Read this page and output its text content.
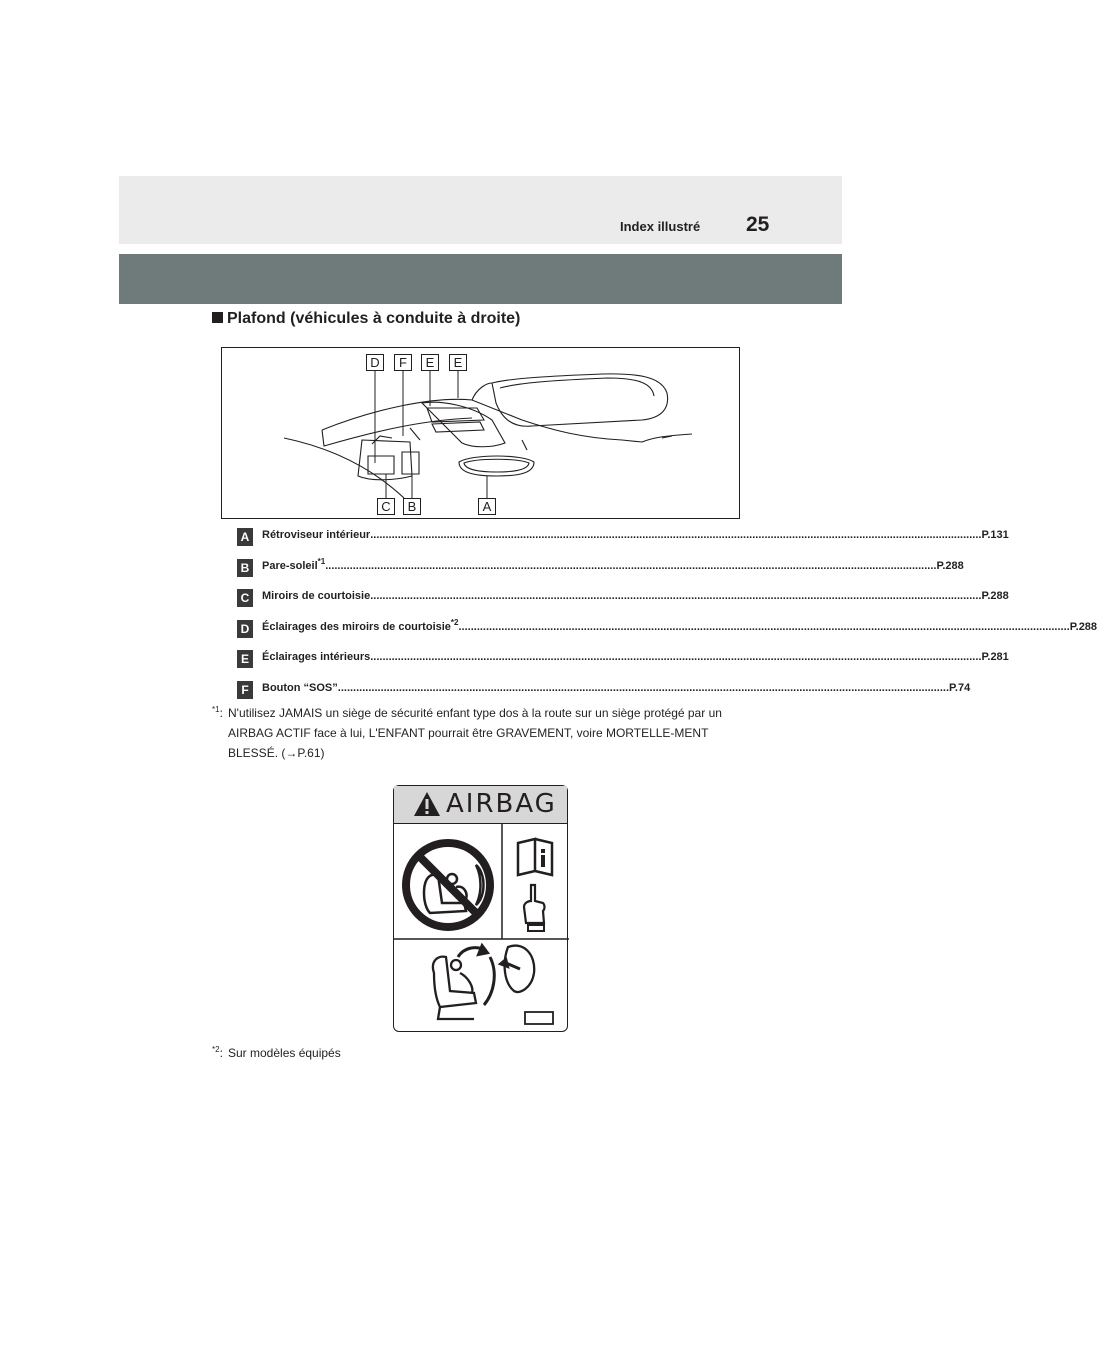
Index illustré 25
Plafond (véhicules à conduite à droite)
D	F	E	E
C	B	A
A	Rétroviseur intérieur ........................................................................................................................................................................................................ P.131
B	Pare-soleil$^{*1}$ ........................................................................................................................................................................................................ P.288
C	Miroirs de courtoisie ........................................................................................................................................................................................................ P.288
D	Éclairages des miroirs de courtoisie$^{*2}$ ........................................................................................................................................................................................................ P.288
E	Éclairages intérieurs ........................................................................................................................................................................................................ P.281
F	Bouton “SOS” ........................................................................................................................................................................................................ P.74
$^{*1}$: N'utilisez JAMAIS un siège de sécurité enfant type dos à la route sur un siège protégé par un AIRBAG ACTIF face à lui, L'ENFANT pourrait être GRAVEMENT, voire MORTELLE-MENT BLESSÉ. (→P.61)
AIRBAG
$^{*2}$: Sur modèles équipés
